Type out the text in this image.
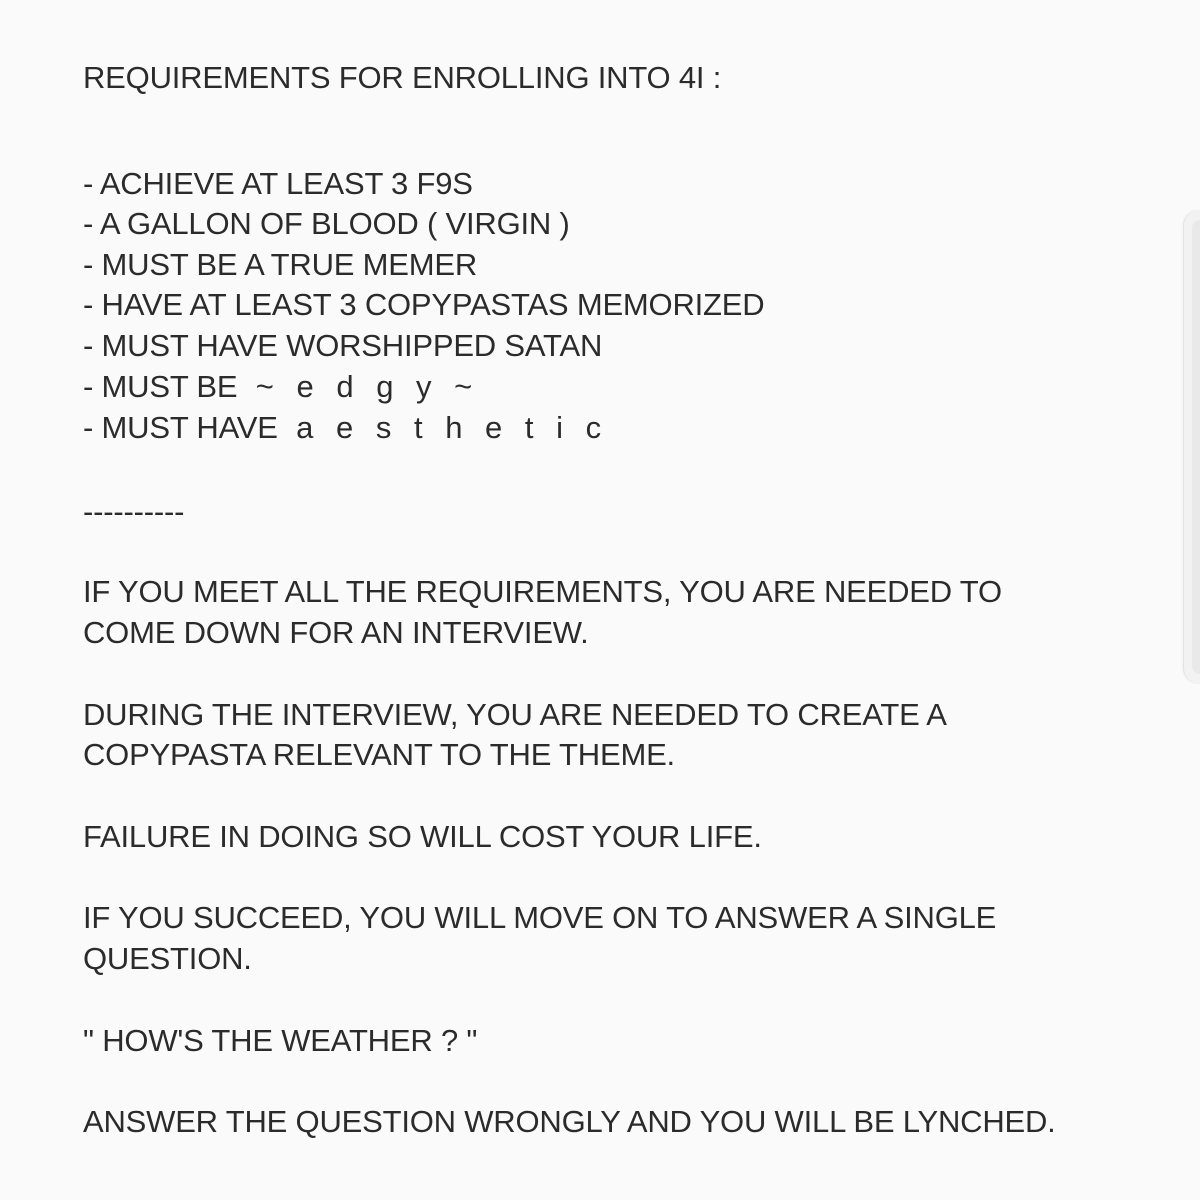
REQUIREMENTS FOR ENROLLING INTO 4I :
- ACHIEVE AT LEAST 3 F9S
- A GALLON OF BLOOD ( VIRGIN )
- MUST BE A TRUE MEMER
- HAVE AT LEAST 3 COPYPASTAS MEMORIZED
- MUST HAVE WORSHIPPED SATAN
- MUST BE ~ e d g y ~
- MUST HAVE a e s t h e t i c
----------
IF YOU MEET ALL THE REQUIREMENTS, YOU ARE NEEDED TO
COME DOWN FOR AN INTERVIEW.
DURING THE INTERVIEW, YOU ARE NEEDED TO CREATE A
COPYPASTA RELEVANT TO THE THEME.
FAILURE IN DOING SO WILL COST YOUR LIFE.
IF YOU SUCCEED, YOU WILL MOVE ON TO ANSWER A SINGLE
QUESTION.
" HOW'S THE WEATHER ? "
ANSWER THE QUESTION WRONGLY AND YOU WILL BE LYNCHED.
